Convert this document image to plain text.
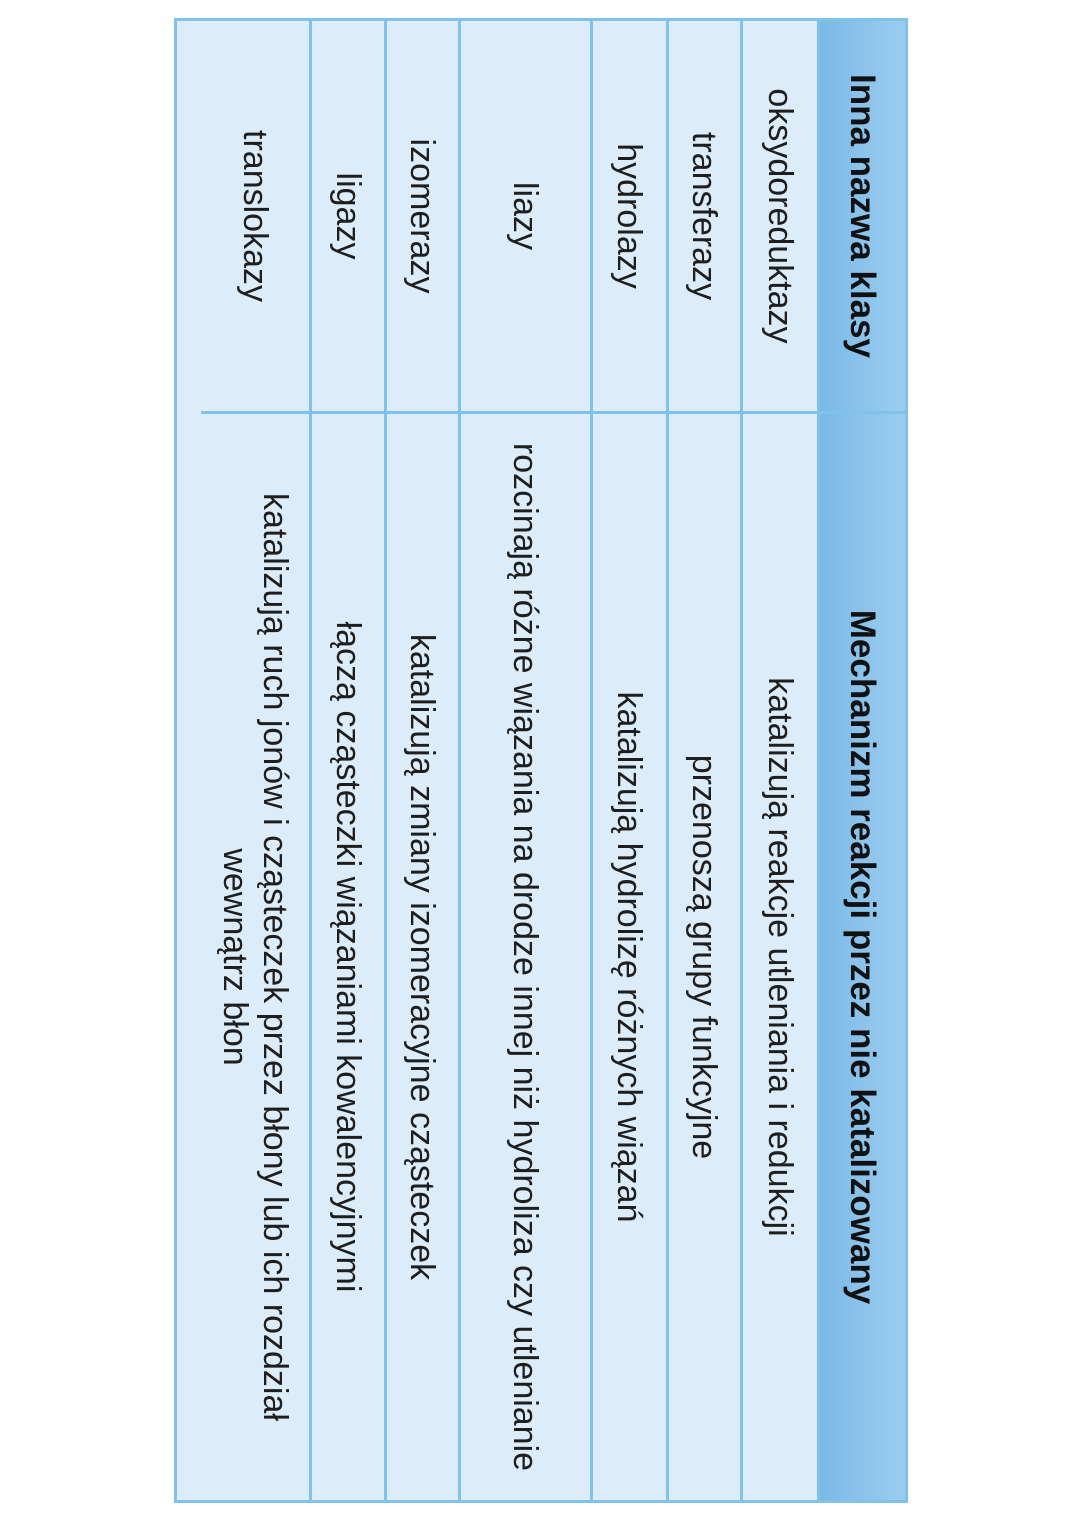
Inna nazwa klasy
Mechanizm reakcji przez nie katalizowany
oksydoreduktazy
katalizują reakcje utleniania i redukcji
transferazy
przenoszą grupy funkcyjne
hydrolazy
katalizują hydrolizę różnych wiązań
liazy
rozcinają różne wiązania na drodze innej niż hydroliza czy utlenianie
izomerazy
katalizują zmiany izomeracyjne cząsteczek
ligazy
łączą cząsteczki wiązaniami kowalencyjnymi
translokazy
katalizują ruch jonów i cząsteczek przez błony lub ich rozdział wewnątrz błon
